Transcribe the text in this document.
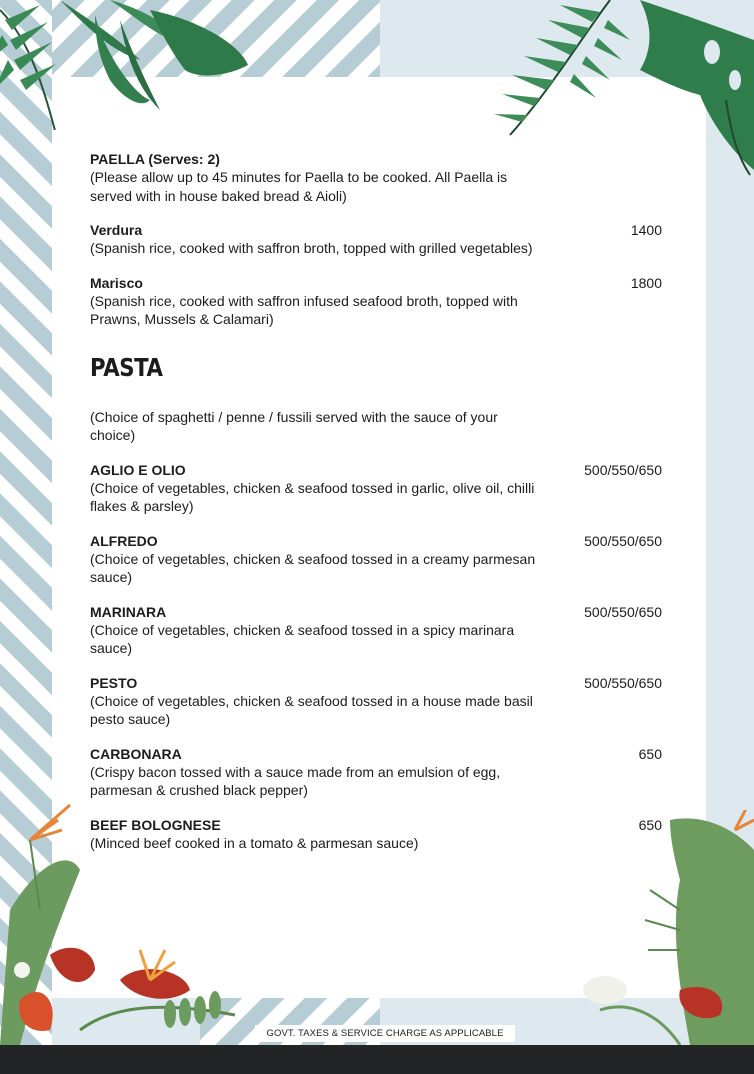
PAELLA (Serves: 2)
(Please allow up to 45 minutes for Paella to be cooked. All Paella is served with in house baked bread & Aioli)
Verdura	1400
(Spanish rice, cooked with saffron broth, topped with grilled vegetables)
Marisco	1800
(Spanish rice, cooked with saffron infused seafood broth, topped with Prawns, Mussels & Calamari)
PASTA
(Choice of spaghetti / penne / fussili served with the sauce of your choice)
AGLIO E OLIO	500/550/650
(Choice of vegetables, chicken & seafood tossed in garlic, olive oil, chilli flakes & parsley)
ALFREDO	500/550/650
(Choice of vegetables, chicken & seafood tossed in a creamy parmesan sauce)
MARINARA	500/550/650
(Choice of vegetables, chicken & seafood tossed in a spicy marinara sauce)
PESTO	500/550/650
(Choice of vegetables, chicken & seafood tossed in a house made basil pesto sauce)
CARBONARA	650
(Crispy bacon tossed with a sauce made from an emulsion of egg, parmesan & crushed black pepper)
BEEF BOLOGNESE	650
(Minced beef cooked in a tomato & parmesan sauce)
GOVT. TAXES & SERVICE CHARGE AS APPLICABLE
